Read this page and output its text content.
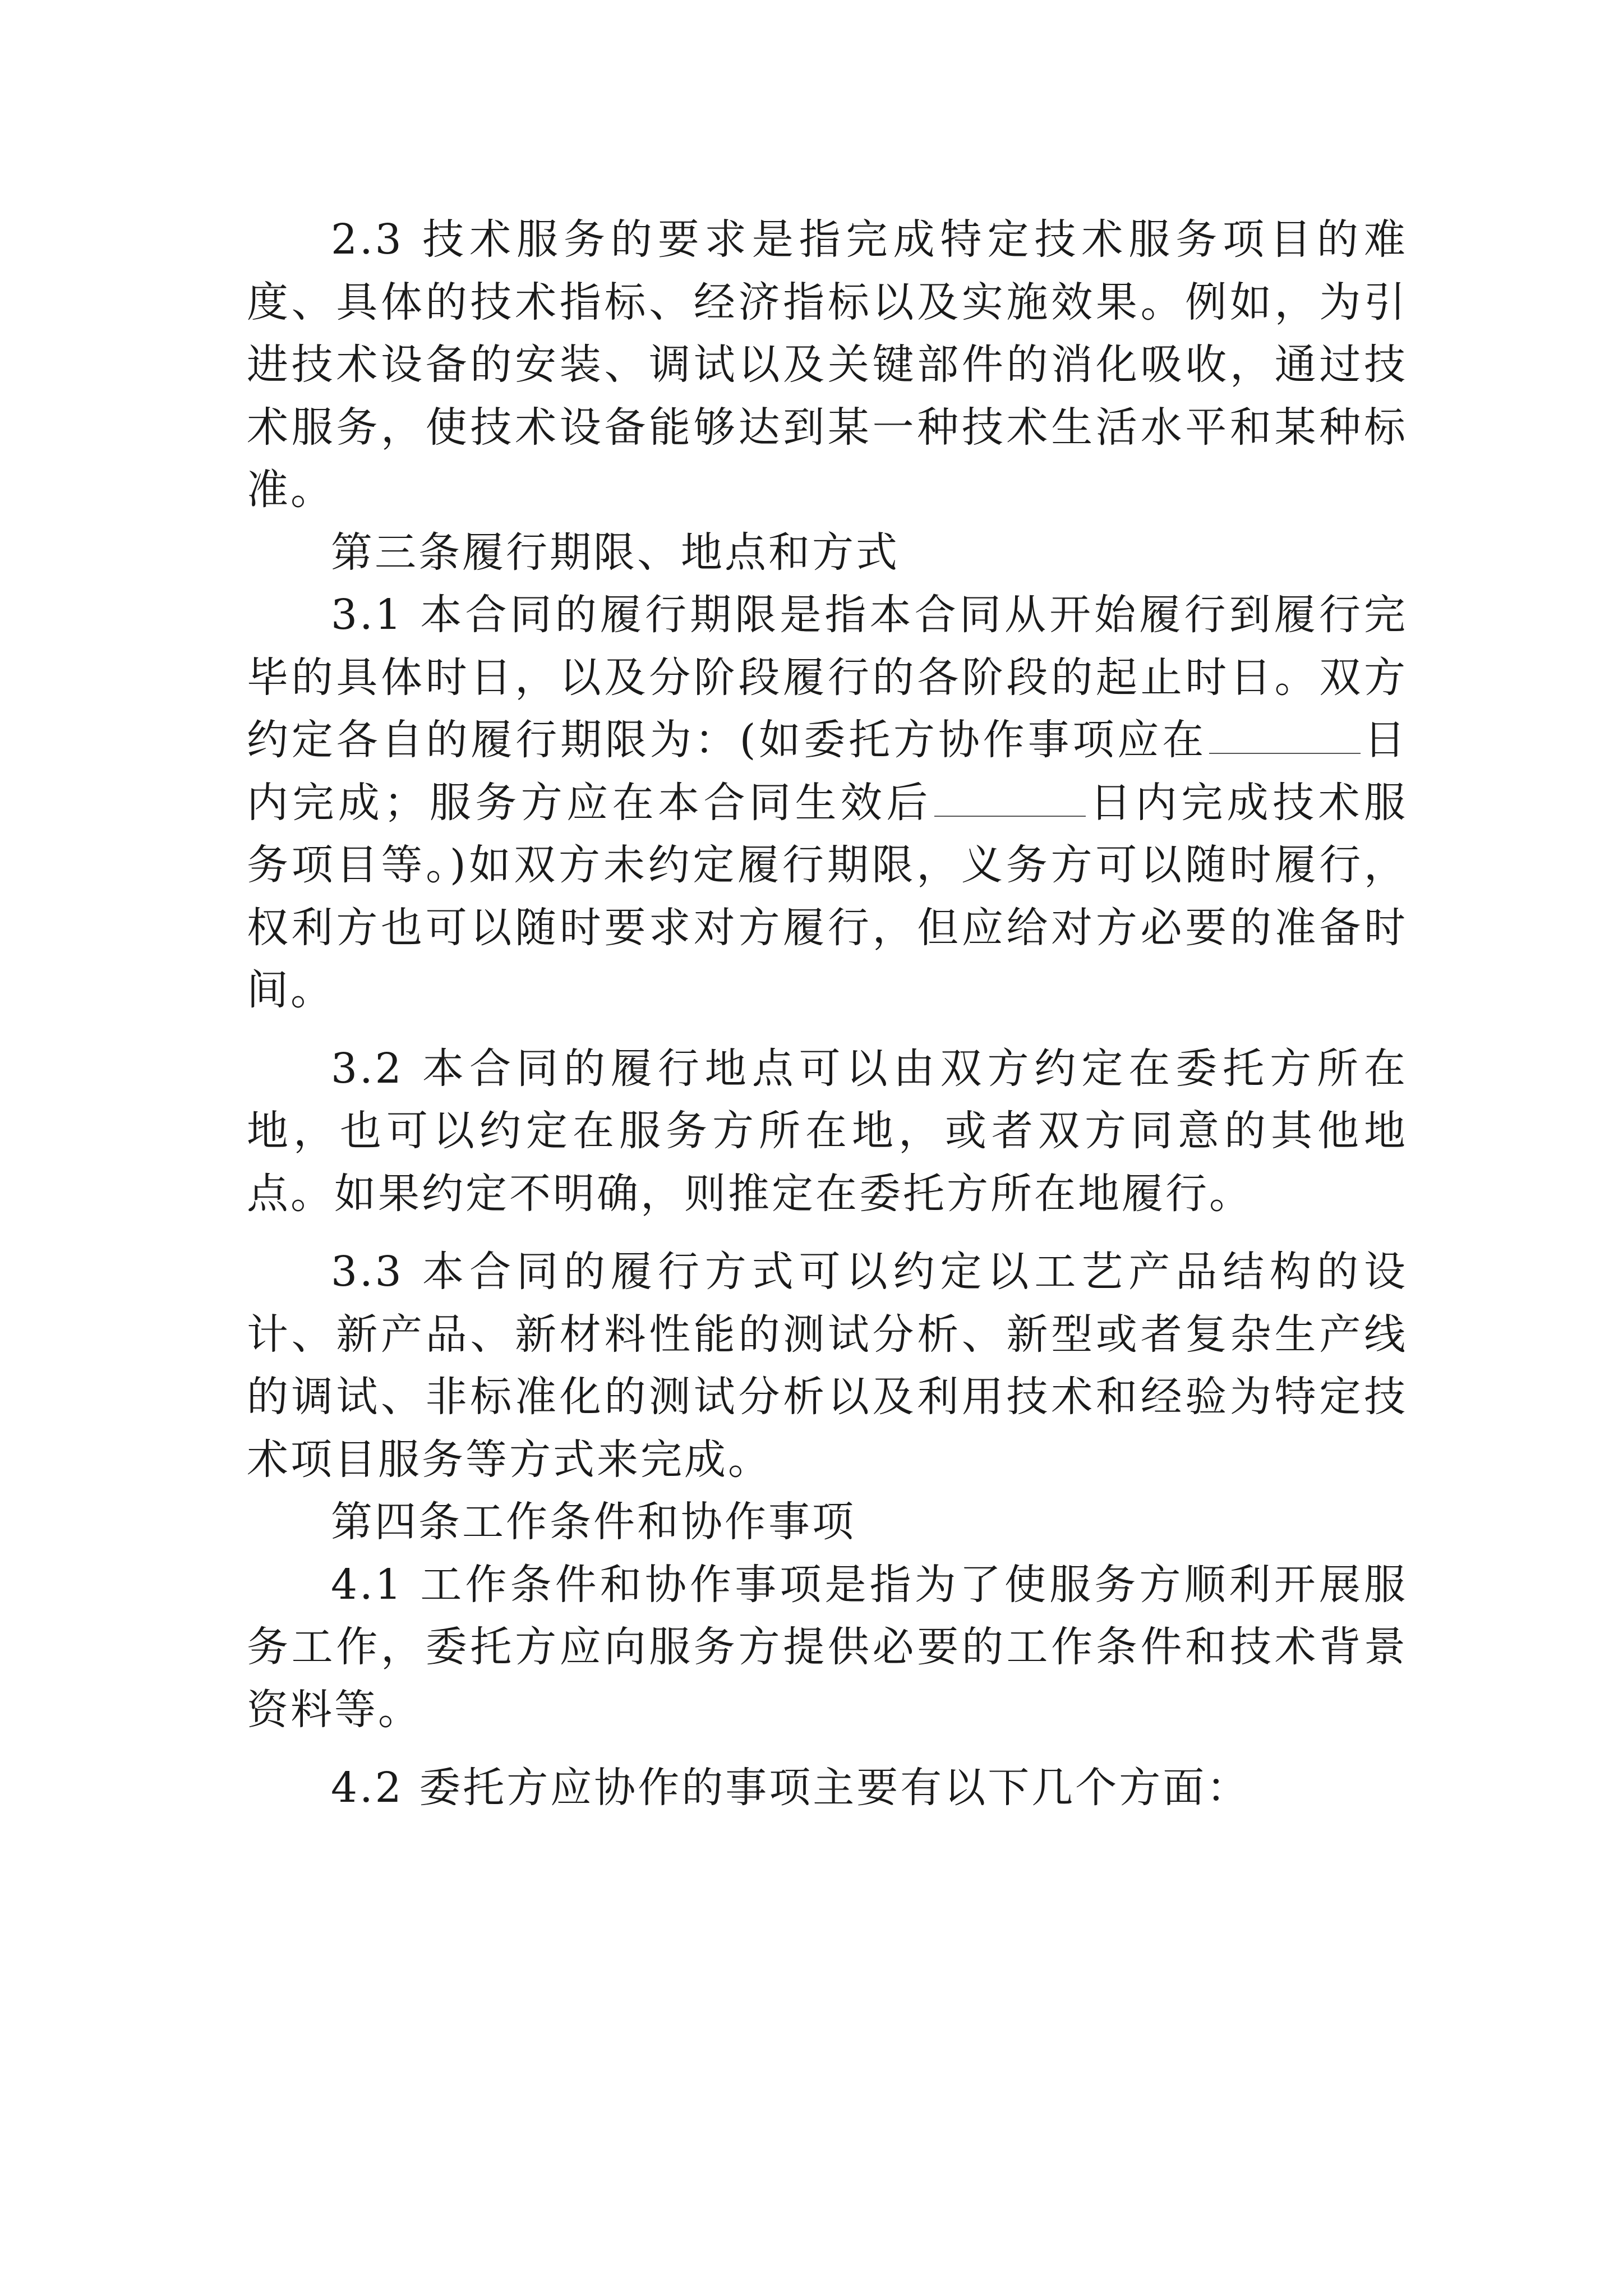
2.3 技术服务的要求是指完成特定技术服务项目的难度、具体的技术指标、经济指标以及实施效果。例如，为引进技术设备的安装、调试以及关键部件的消化吸收，通过技术服务，使技术设备能够达到某一种技术生活水平和某种标准。

第三条履行期限、地点和方式

3.1 本合同的履行期限是指本合同从开始履行到履行完毕的具体时日，以及分阶段履行的各阶段的起止时日。双方约定各自的履行期限为：(如委托方协作事项应在	日内完成；服务方应在本合同生效后	日内完成技术服务项目等。)如双方未约定履行期限，义务方可以随时履行，权利方也可以随时要求对方履行，但应给对方必要的准备时间。

3.2 本合同的履行地点可以由双方约定在委托方所在地，也可以约定在服务方所在地，或者双方同意的其他地点。如果约定不明确，则推定在委托方所在地履行。

3.3 本合同的履行方式可以约定以工艺产品结构的设计、新产品、新材料性能的测试分析、新型或者复杂生产线的调试、非标准化的测试分析以及利用技术和经验为特定技术项目服务等方式来完成。

第四条工作条件和协作事项

4.1 工作条件和协作事项是指为了使服务方顺利开展服务工作，委托方应向服务方提供必要的工作条件和技术背景资料等。

4.2 委托方应协作的事项主要有以下几个方面：
